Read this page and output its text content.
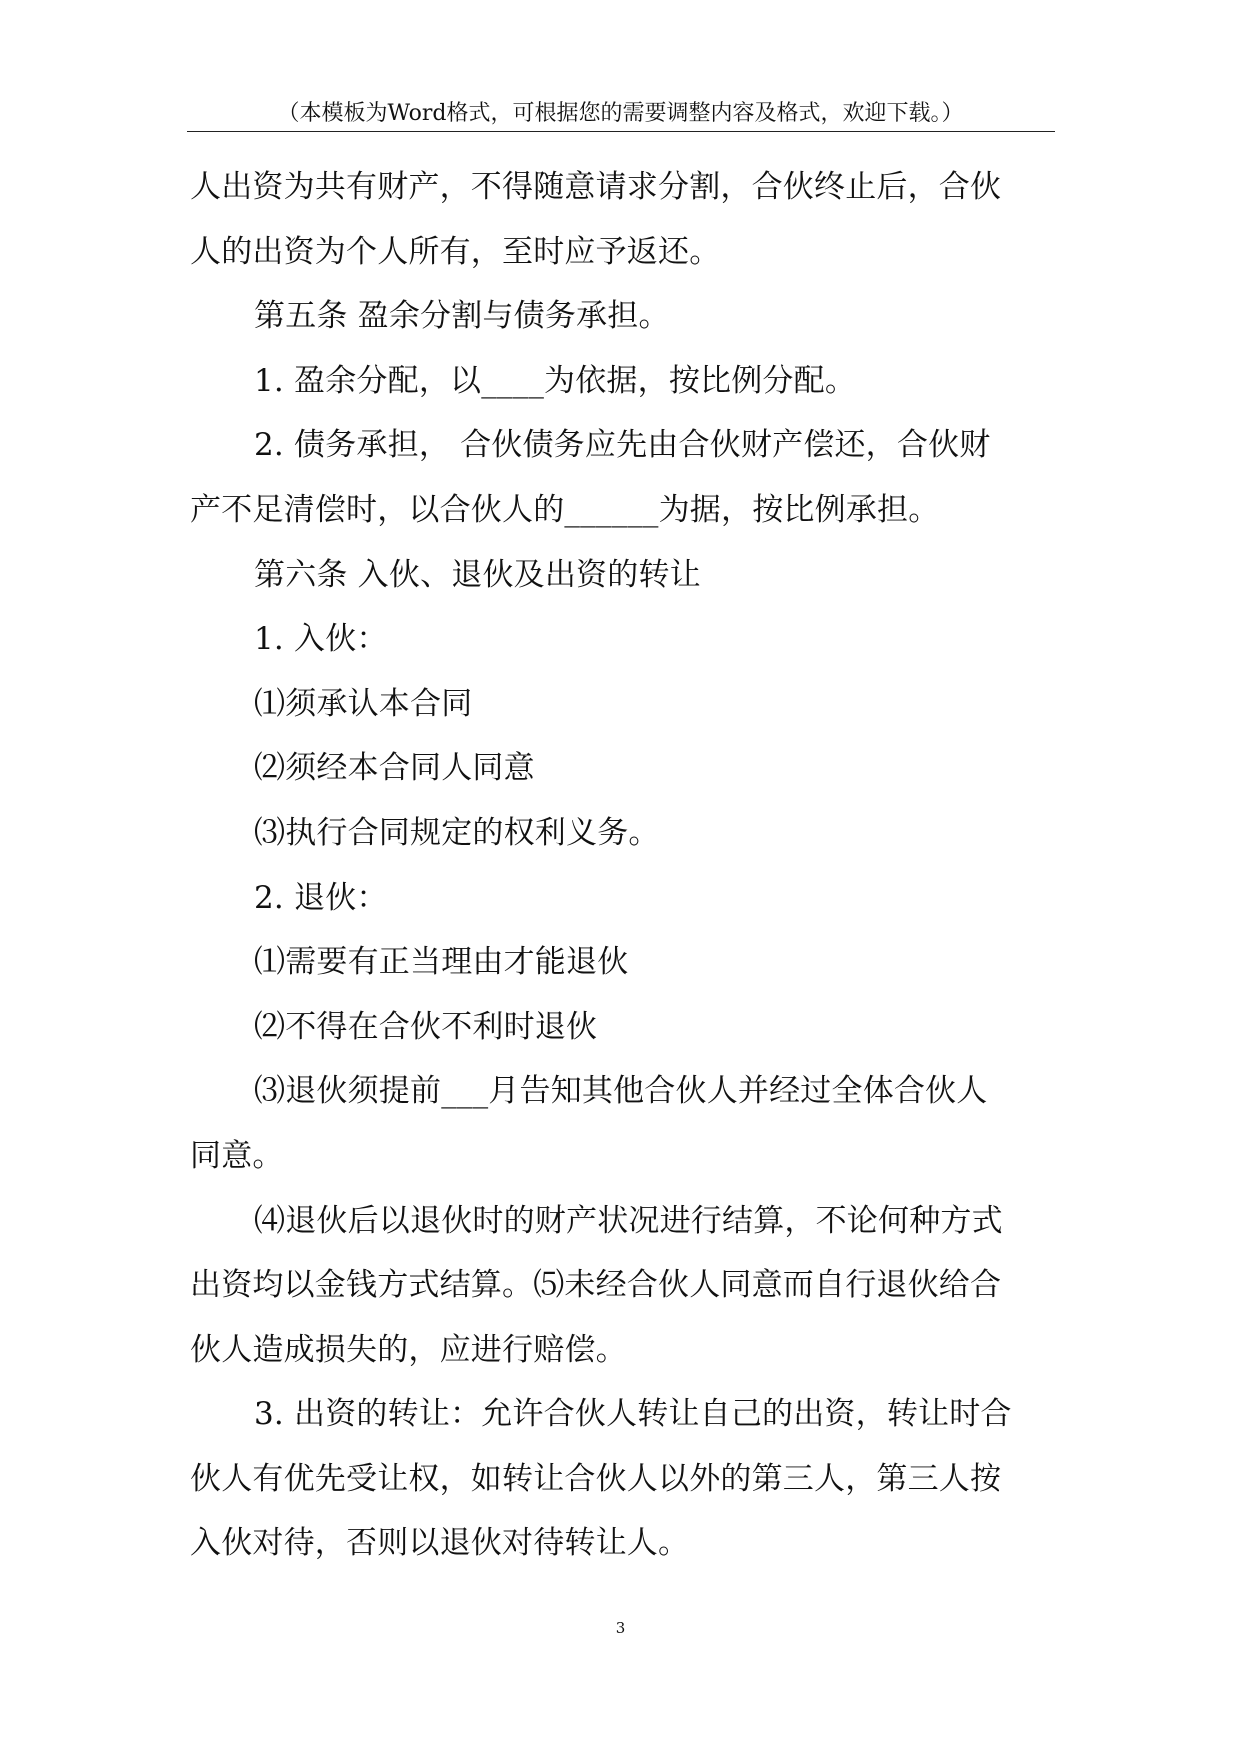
（本模板为Word格式，可根据您的需要调整内容及格式，欢迎下载。）

人出资为共有财产，不得随意请求分割，合伙终止后，合伙

人的出资为个人所有，至时应予返还。

第五条 盈余分割与债务承担。

1. 盈余分配，以____为依据，按比例分配。

2. 债务承担， 合伙债务应先由合伙财产偿还，合伙财

产不足清偿时，以合伙人的______为据，按比例承担。

第六条 入伙、退伙及出资的转让

1. 入伙：

⑴须承认本合同

⑵须经本合同人同意

⑶执行合同规定的权利义务。

2. 退伙：

⑴需要有正当理由才能退伙

⑵不得在合伙不利时退伙

⑶退伙须提前___月告知其他合伙人并经过全体合伙人

同意。

⑷退伙后以退伙时的财产状况进行结算，不论何种方式

出资均以金钱方式结算。⑸未经合伙人同意而自行退伙给合

伙人造成损失的，应进行赔偿。

3. 出资的转让：允许合伙人转让自己的出资，转让时合

伙人有优先受让权，如转让合伙人以外的第三人，第三人按

入伙对待，否则以退伙对待转让人。

3
